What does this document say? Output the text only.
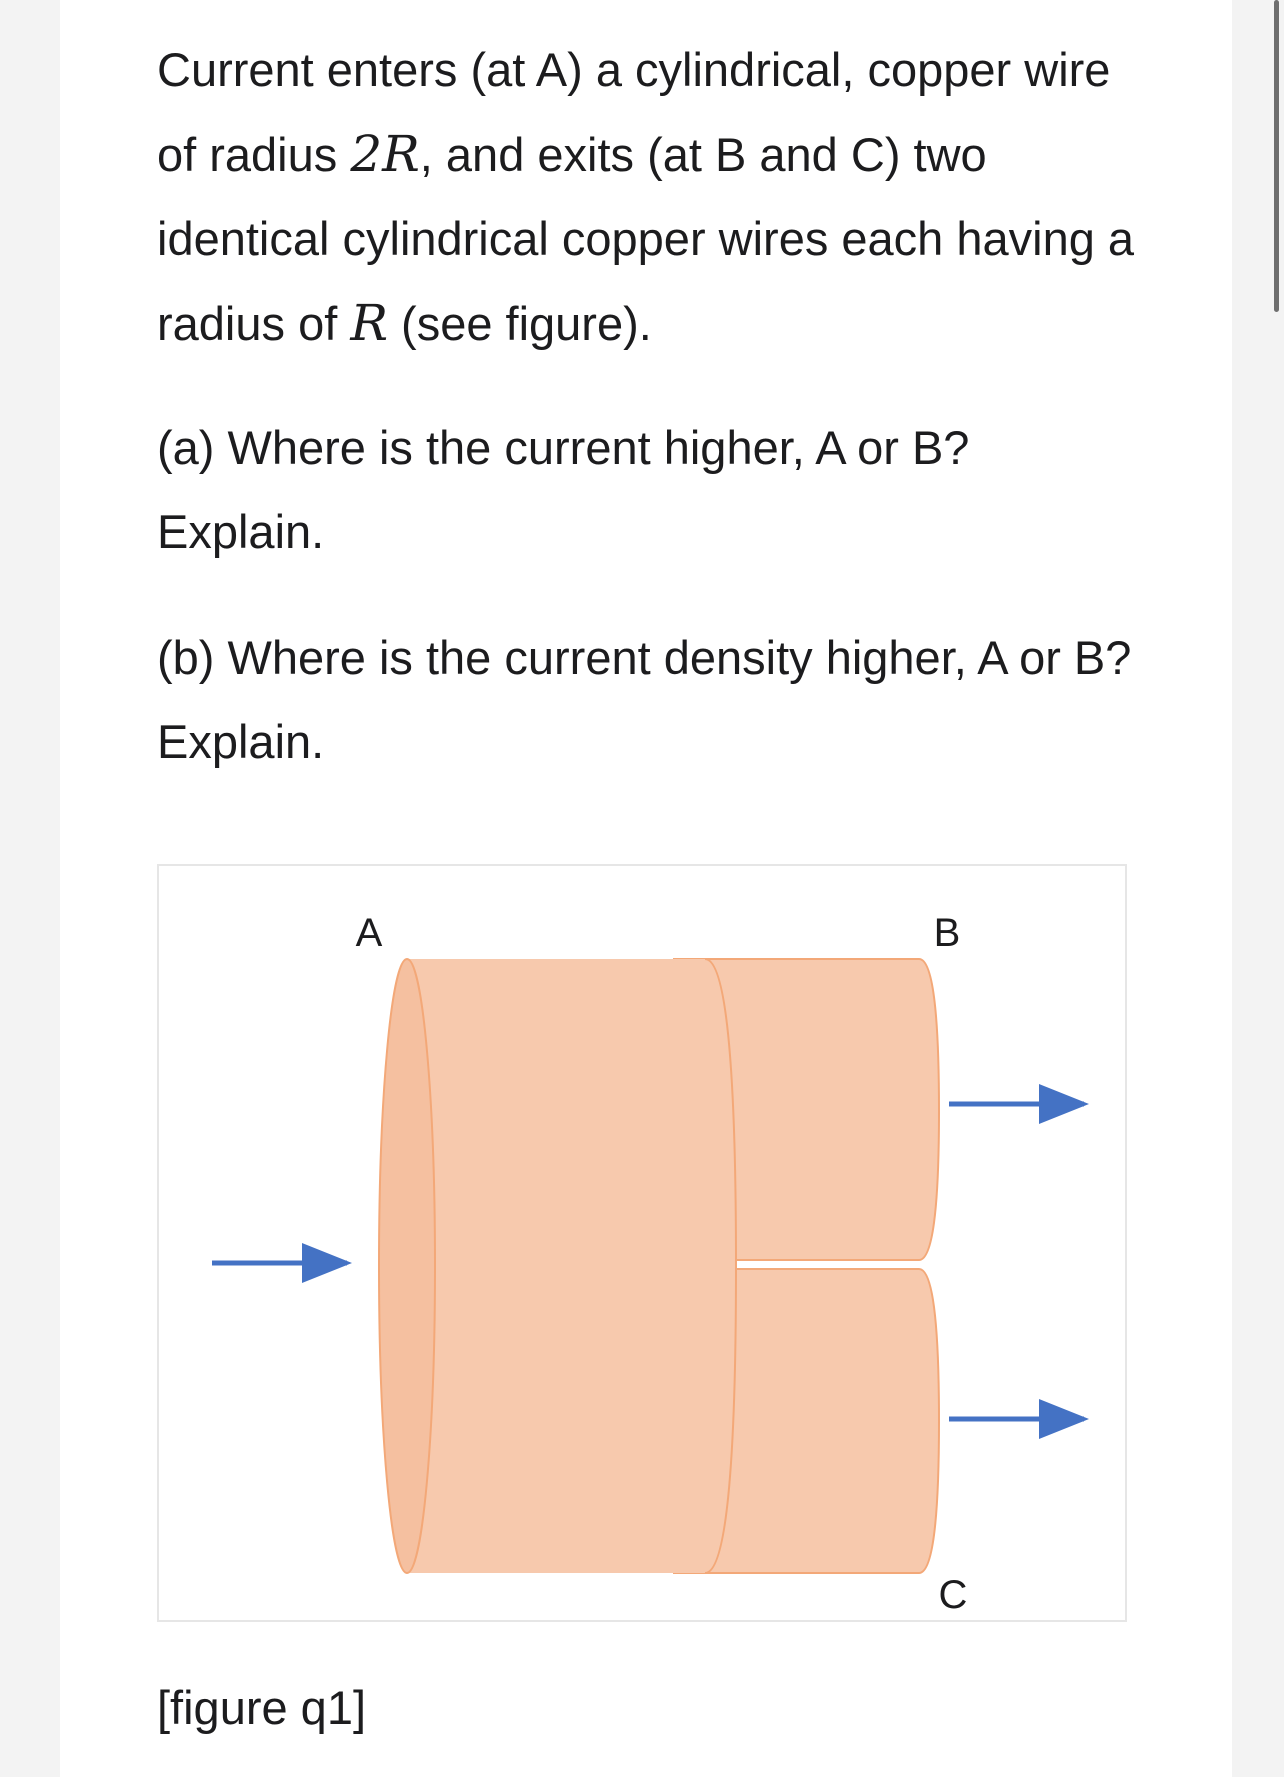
Current enters (at A) a cylindrical, copper wire of radius 2R, and exits (at B and C) two identical cylindrical copper wires each having a radius of R (see figure).

(a) Where is the current higher, A or B? Explain.

(b) Where is the current density higher, A or B? Explain.

A	B
C
[figure q1]
